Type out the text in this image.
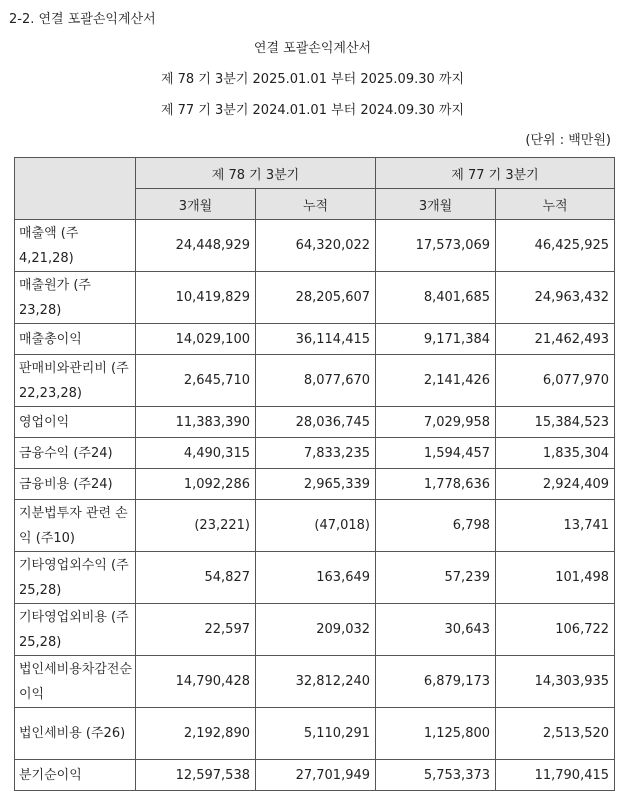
2-2. 연결 포괄손익계산서
연결 포괄손익계산서
제 78 기 3분기 2025.01.01 부터 2025.09.30 까지
제 77 기 3분기 2024.01.01 부터 2024.09.30 까지
(단위 : 백만원)
	제 78 기 3분기		제 77 기 3분기	
	3개월	누적	3개월	누적
매출액 (주4,21,28)	24,448,929	64,320,022	17,573,069	46,425,925
매출원가 (주23,28)	10,419,829	28,205,607	8,401,685	24,963,432
매출총이익	14,029,100	36,114,415	9,171,384	21,462,493
판매비와관리비 (주22,23,28)	2,645,710	8,077,670	2,141,426	6,077,970
영업이익	11,383,390	28,036,745	7,029,958	15,384,523
금융수익 (주24)	4,490,315	7,833,235	1,594,457	1,835,304
금융비용 (주24)	1,092,286	2,965,339	1,778,636	2,924,409
지분법투자 관련 손익 (주10)	(23,221)	(47,018)	6,798	13,741
기타영업외수익 (주25,28)	54,827	163,649	57,239	101,498
기타영업외비용 (주25,28)	22,597	209,032	30,643	106,722
법인세비용차감전순이익	14,790,428	32,812,240	6,879,173	14,303,935
법인세비용 (주26)	2,192,890	5,110,291	1,125,800	2,513,520
분기순이익	12,597,538	27,701,949	5,753,373	11,790,415
